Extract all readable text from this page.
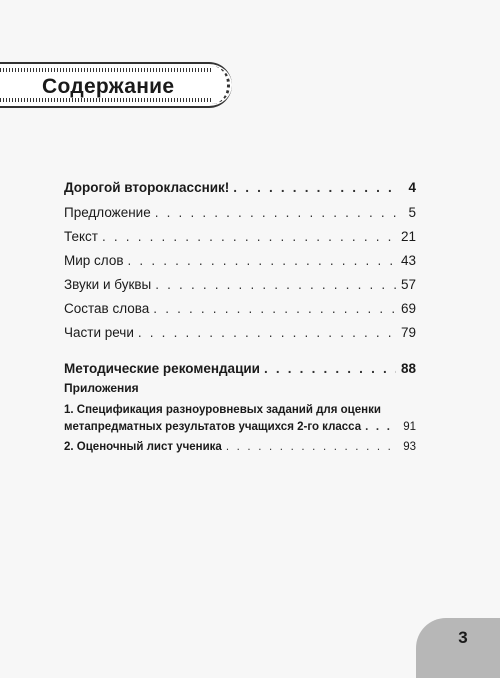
Содержание
Дорогой второклассник! . . .	4
Предложение . . .	5
Текст . . .	21
Мир слов . . .	43
Звуки и буквы . . .	57
Состав слова . . .	69
Части речи . . .	79
Методические рекомендации . . .	88
Приложения
1. Спецификация разноуровневых заданий для оценки
метапредматных результатов учащихся 2-го класса . . .	91
2. Оценочный лист ученика . . .	93
3
